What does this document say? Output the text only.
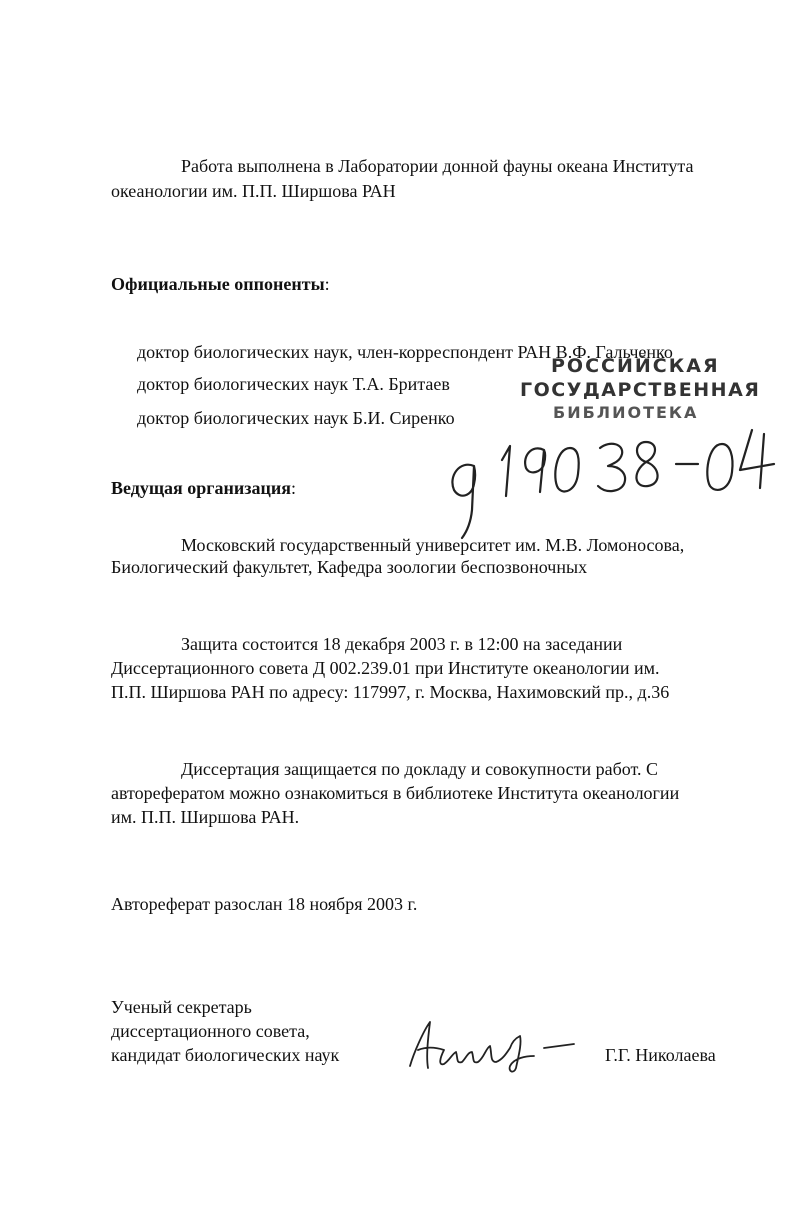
Работа выполнена в Лаборатории донной фауны океана Института
океанологии им. П.П. Ширшова РАН
Официальные оппоненты:
доктор биологических наук, член-корреспондент РАН В.Ф. Гальченко
доктор биологических наук Т.А. Бритаев
доктор биологических наук Б.И. Сиренко
РОССИЙСКАЯ
ГОСУДАРСТВЕННАЯ
БИБЛИОТЕКА
Ведущая организация:
Московский государственный университет им. М.В. Ломоносова,
Биологический факультет, Кафедра зоологии беспозвоночных
Защита состоится 18 декабря 2003 г. в 12:00 на заседании
Диссертационного совета Д 002.239.01 при Институте океанологии им.
П.П. Ширшова РАН по адресу: 117997, г. Москва, Нахимовский пр., д.36
Диссертация защищается по докладу и совокупности работ. С
авторефератом можно ознакомиться в библиотеке Института океанологии
им. П.П. Ширшова РАН.
Автореферат разослан 18 ноября 2003 г.
Ученый секретарь
диссертационного совета,
кандидат биологических наук	Г.Г. Николаева
